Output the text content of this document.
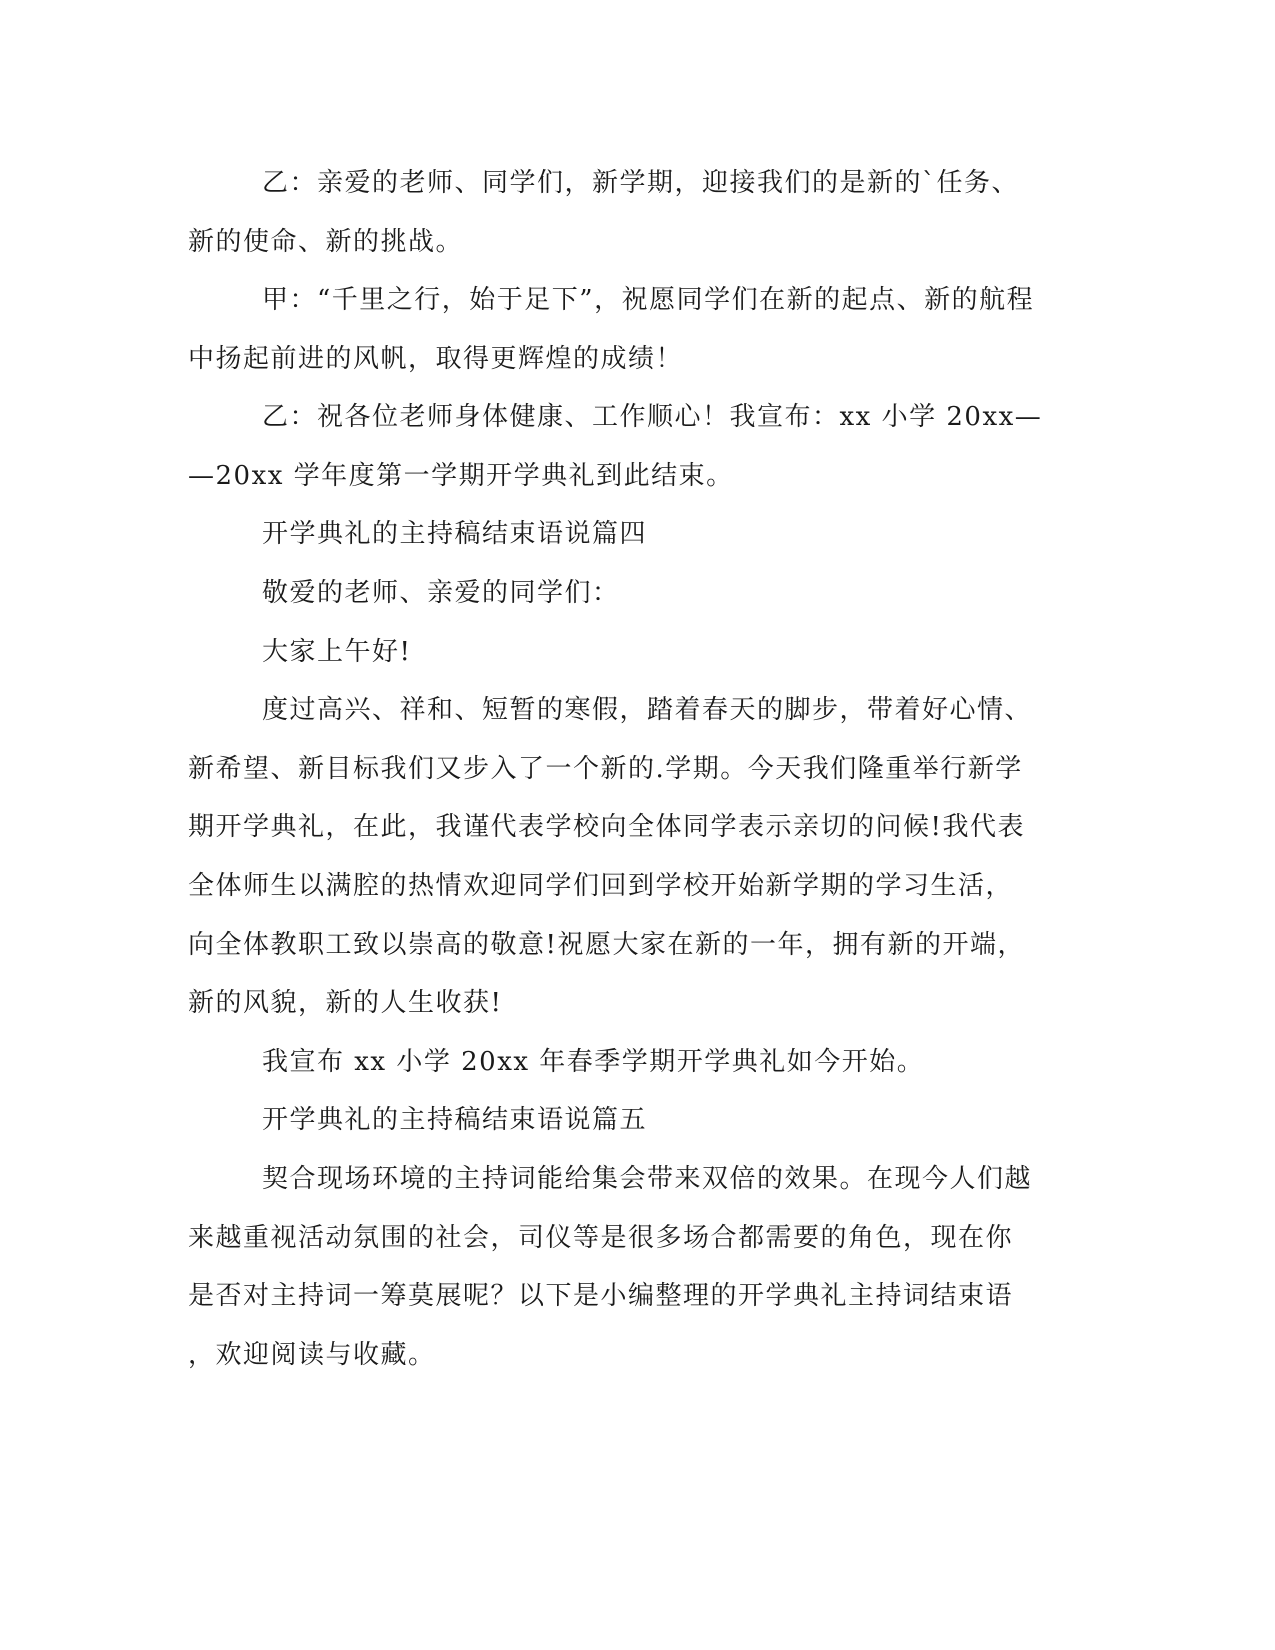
乙：亲爱的老师、同学们，新学期，迎接我们的是新的`任务、
新的使命、新的挑战。
甲：“千里之行，始于足下”，祝愿同学们在新的起点、新的航程
中扬起前进的风帆，取得更辉煌的成绩！
乙：祝各位老师身体健康、工作顺心！我宣布：xx 小学 20xx—
—20xx 学年度第一学期开学典礼到此结束。
开学典礼的主持稿结束语说篇四
敬爱的老师、亲爱的同学们：
大家上午好!
度过高兴、祥和、短暂的寒假，踏着春天的脚步，带着好心情、
新希望、新目标我们又步入了一个新的.学期。今天我们隆重举行新学
期开学典礼，在此，我谨代表学校向全体同学表示亲切的问候!我代表
全体师生以满腔的热情欢迎同学们回到学校开始新学期的学习生活，
向全体教职工致以崇高的敬意!祝愿大家在新的一年，拥有新的开端，
新的风貌，新的人生收获!
我宣布 xx 小学 20xx 年春季学期开学典礼如今开始。
开学典礼的主持稿结束语说篇五
契合现场环境的主持词能给集会带来双倍的效果。在现今人们越
来越重视活动氛围的社会，司仪等是很多场合都需要的角色，现在你
是否对主持词一筹莫展呢？以下是小编整理的开学典礼主持词结束语
，欢迎阅读与收藏。
